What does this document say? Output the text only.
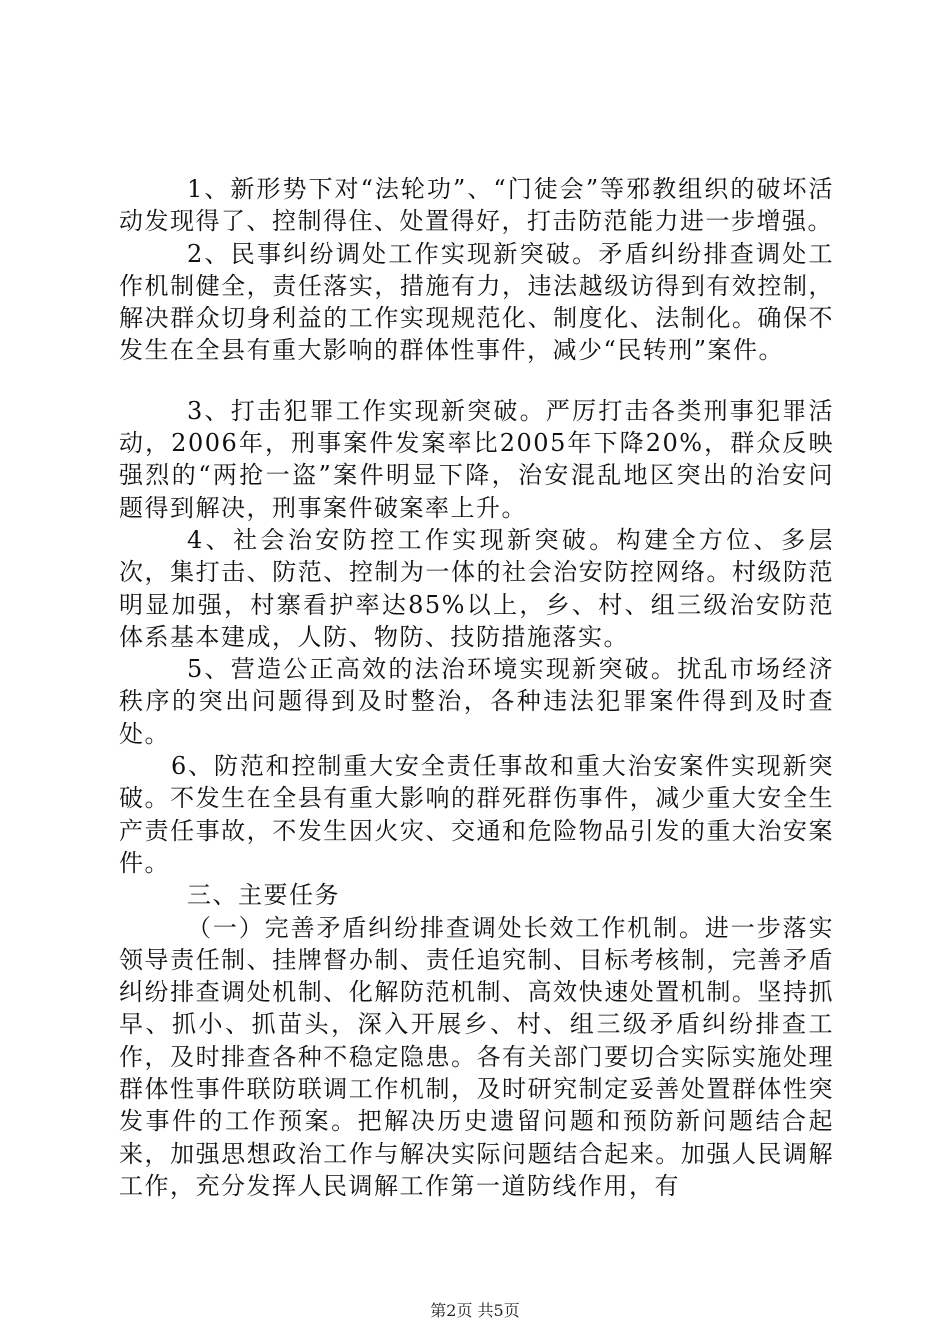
1、新形势下对“法轮功”、“门徒会”等邪教组织的破坏活动发现得了、控制得住、处置得好，打击防范能力进一步增强。

2、民事纠纷调处工作实现新突破。矛盾纠纷排查调处工作机制健全，责任落实，措施有力，违法越级访得到有效控制，解决群众切身利益的工作实现规范化、制度化、法制化。确保不发生在全县有重大影响的群体性事件，减少“民转刑”案件。

3、打击犯罪工作实现新突破。严厉打击各类刑事犯罪活动，2006年，刑事案件发案率比2005年下降20%，群众反映强烈的“两抢一盗”案件明显下降，治安混乱地区突出的治安问题得到解决，刑事案件破案率上升。

4、社会治安防控工作实现新突破。构建全方位、多层次，集打击、防范、控制为一体的社会治安防控网络。村级防范明显加强，村寨看护率达85%以上，乡、村、组三级治安防范体系基本建成，人防、物防、技防措施落实。

5、营造公正高效的法治环境实现新突破。扰乱市场经济秩序的突出问题得到及时整治，各种违法犯罪案件得到及时查处。

6、防范和控制重大安全责任事故和重大治安案件实现新突破。不发生在全县有重大影响的群死群伤事件，减少重大安全生产责任事故，不发生因火灾、交通和危险物品引发的重大治安案件。

三、主要任务

（一）完善矛盾纠纷排查调处长效工作机制。进一步落实领导责任制、挂牌督办制、责任追究制、目标考核制，完善矛盾纠纷排查调处机制、化解防范机制、高效快速处置机制。坚持抓早、抓小、抓苗头，深入开展乡、村、组三级矛盾纠纷排查工作，及时排查各种不稳定隐患。各有关部门要切合实际实施处理群体性事件联防联调工作机制，及时研究制定妥善处置群体性突发事件的工作预案。把解决历史遗留问题和预防新问题结合起来，加强思想政治工作与解决实际问题结合起来。加强人民调解工作，充分发挥人民调解工作第一道防线作用，有

第2页 共5页
